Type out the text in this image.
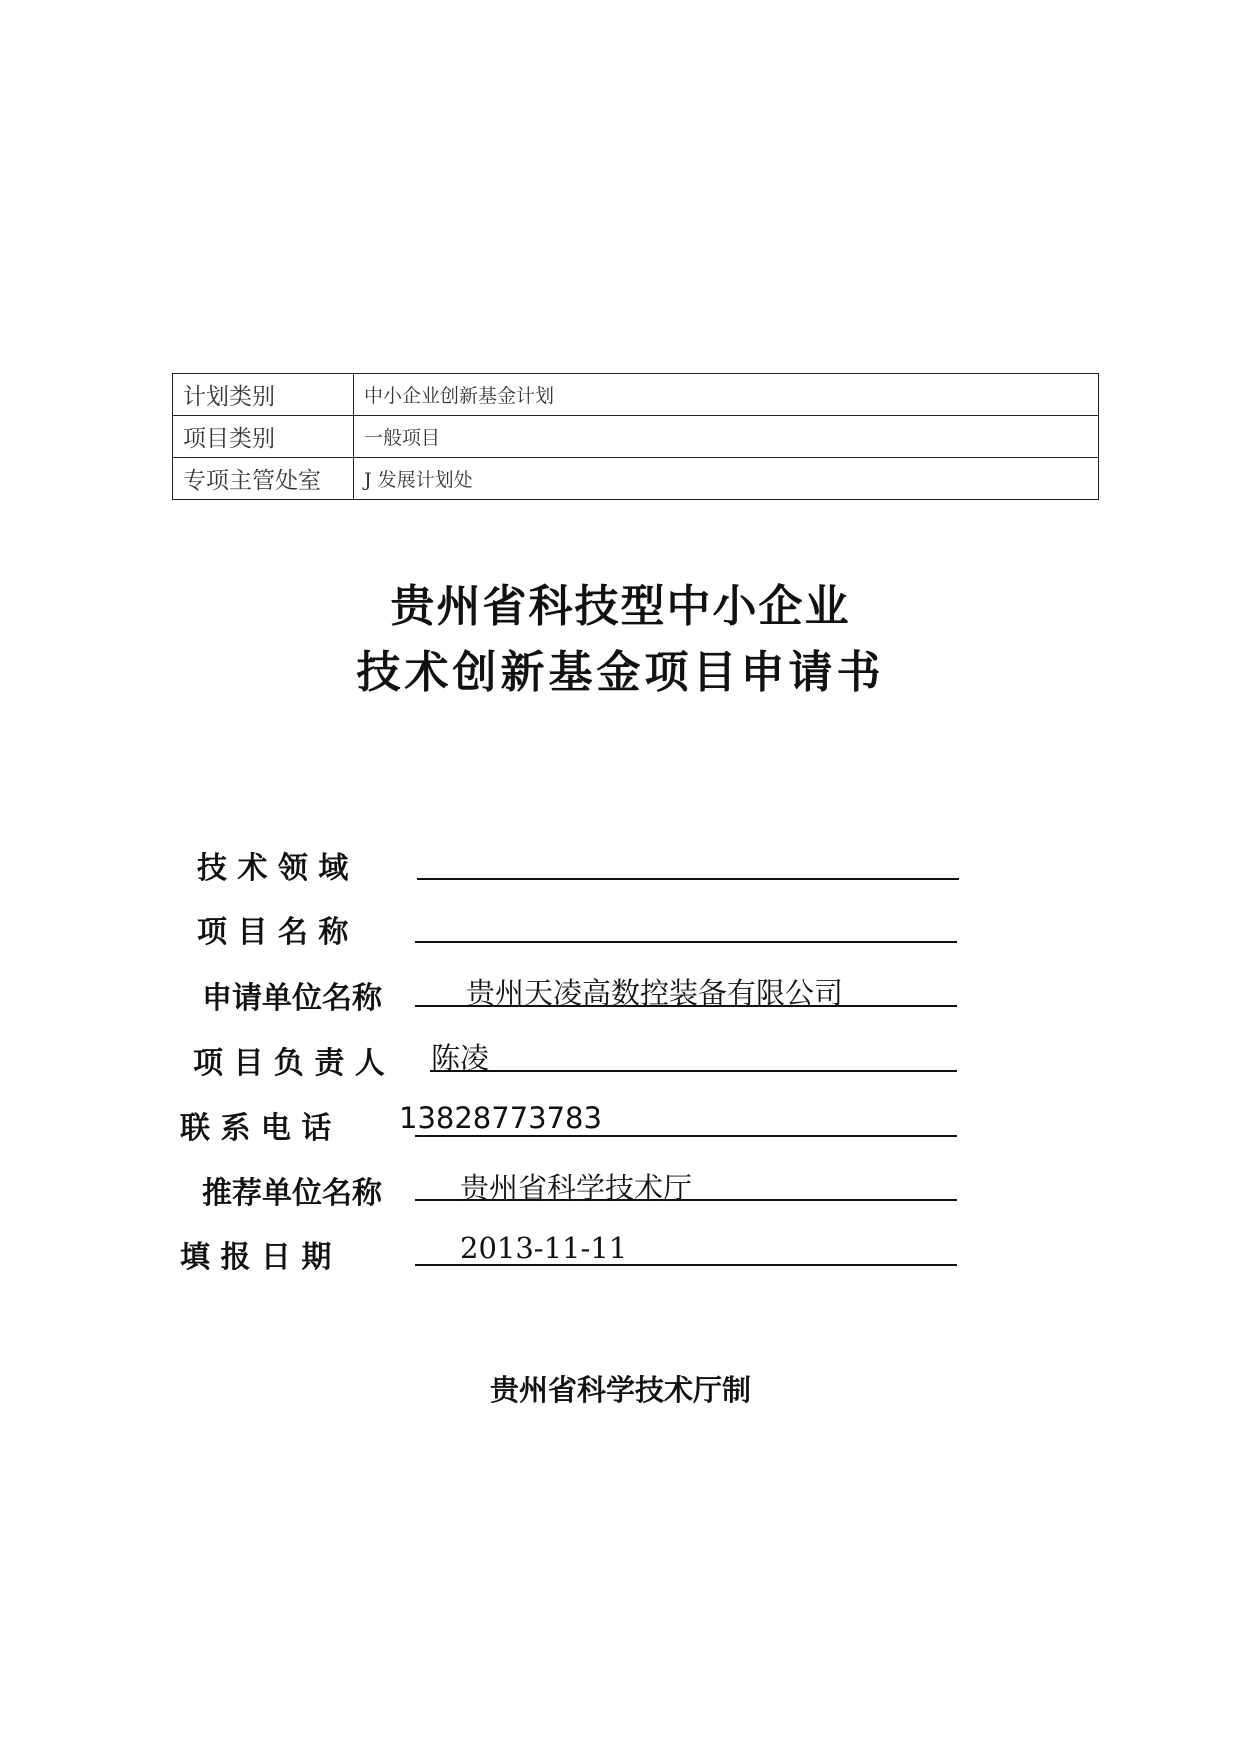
计划类别	中小企业创新基金计划
项目类别	一般项目
专项主管处室	J 发展计划处
贵州省科技型中小企业
技术创新基金项目申请书
技 术 领 域
项 目 名 称
申请单位名称	贵州天凌高数控装备有限公司
项 目 负 责 人 陈凌
联 系 电 话 13828773783
推荐单位名称	贵州省科学技术厅
填 报 日 期	2013-11-11
贵州省科学技术厅制
